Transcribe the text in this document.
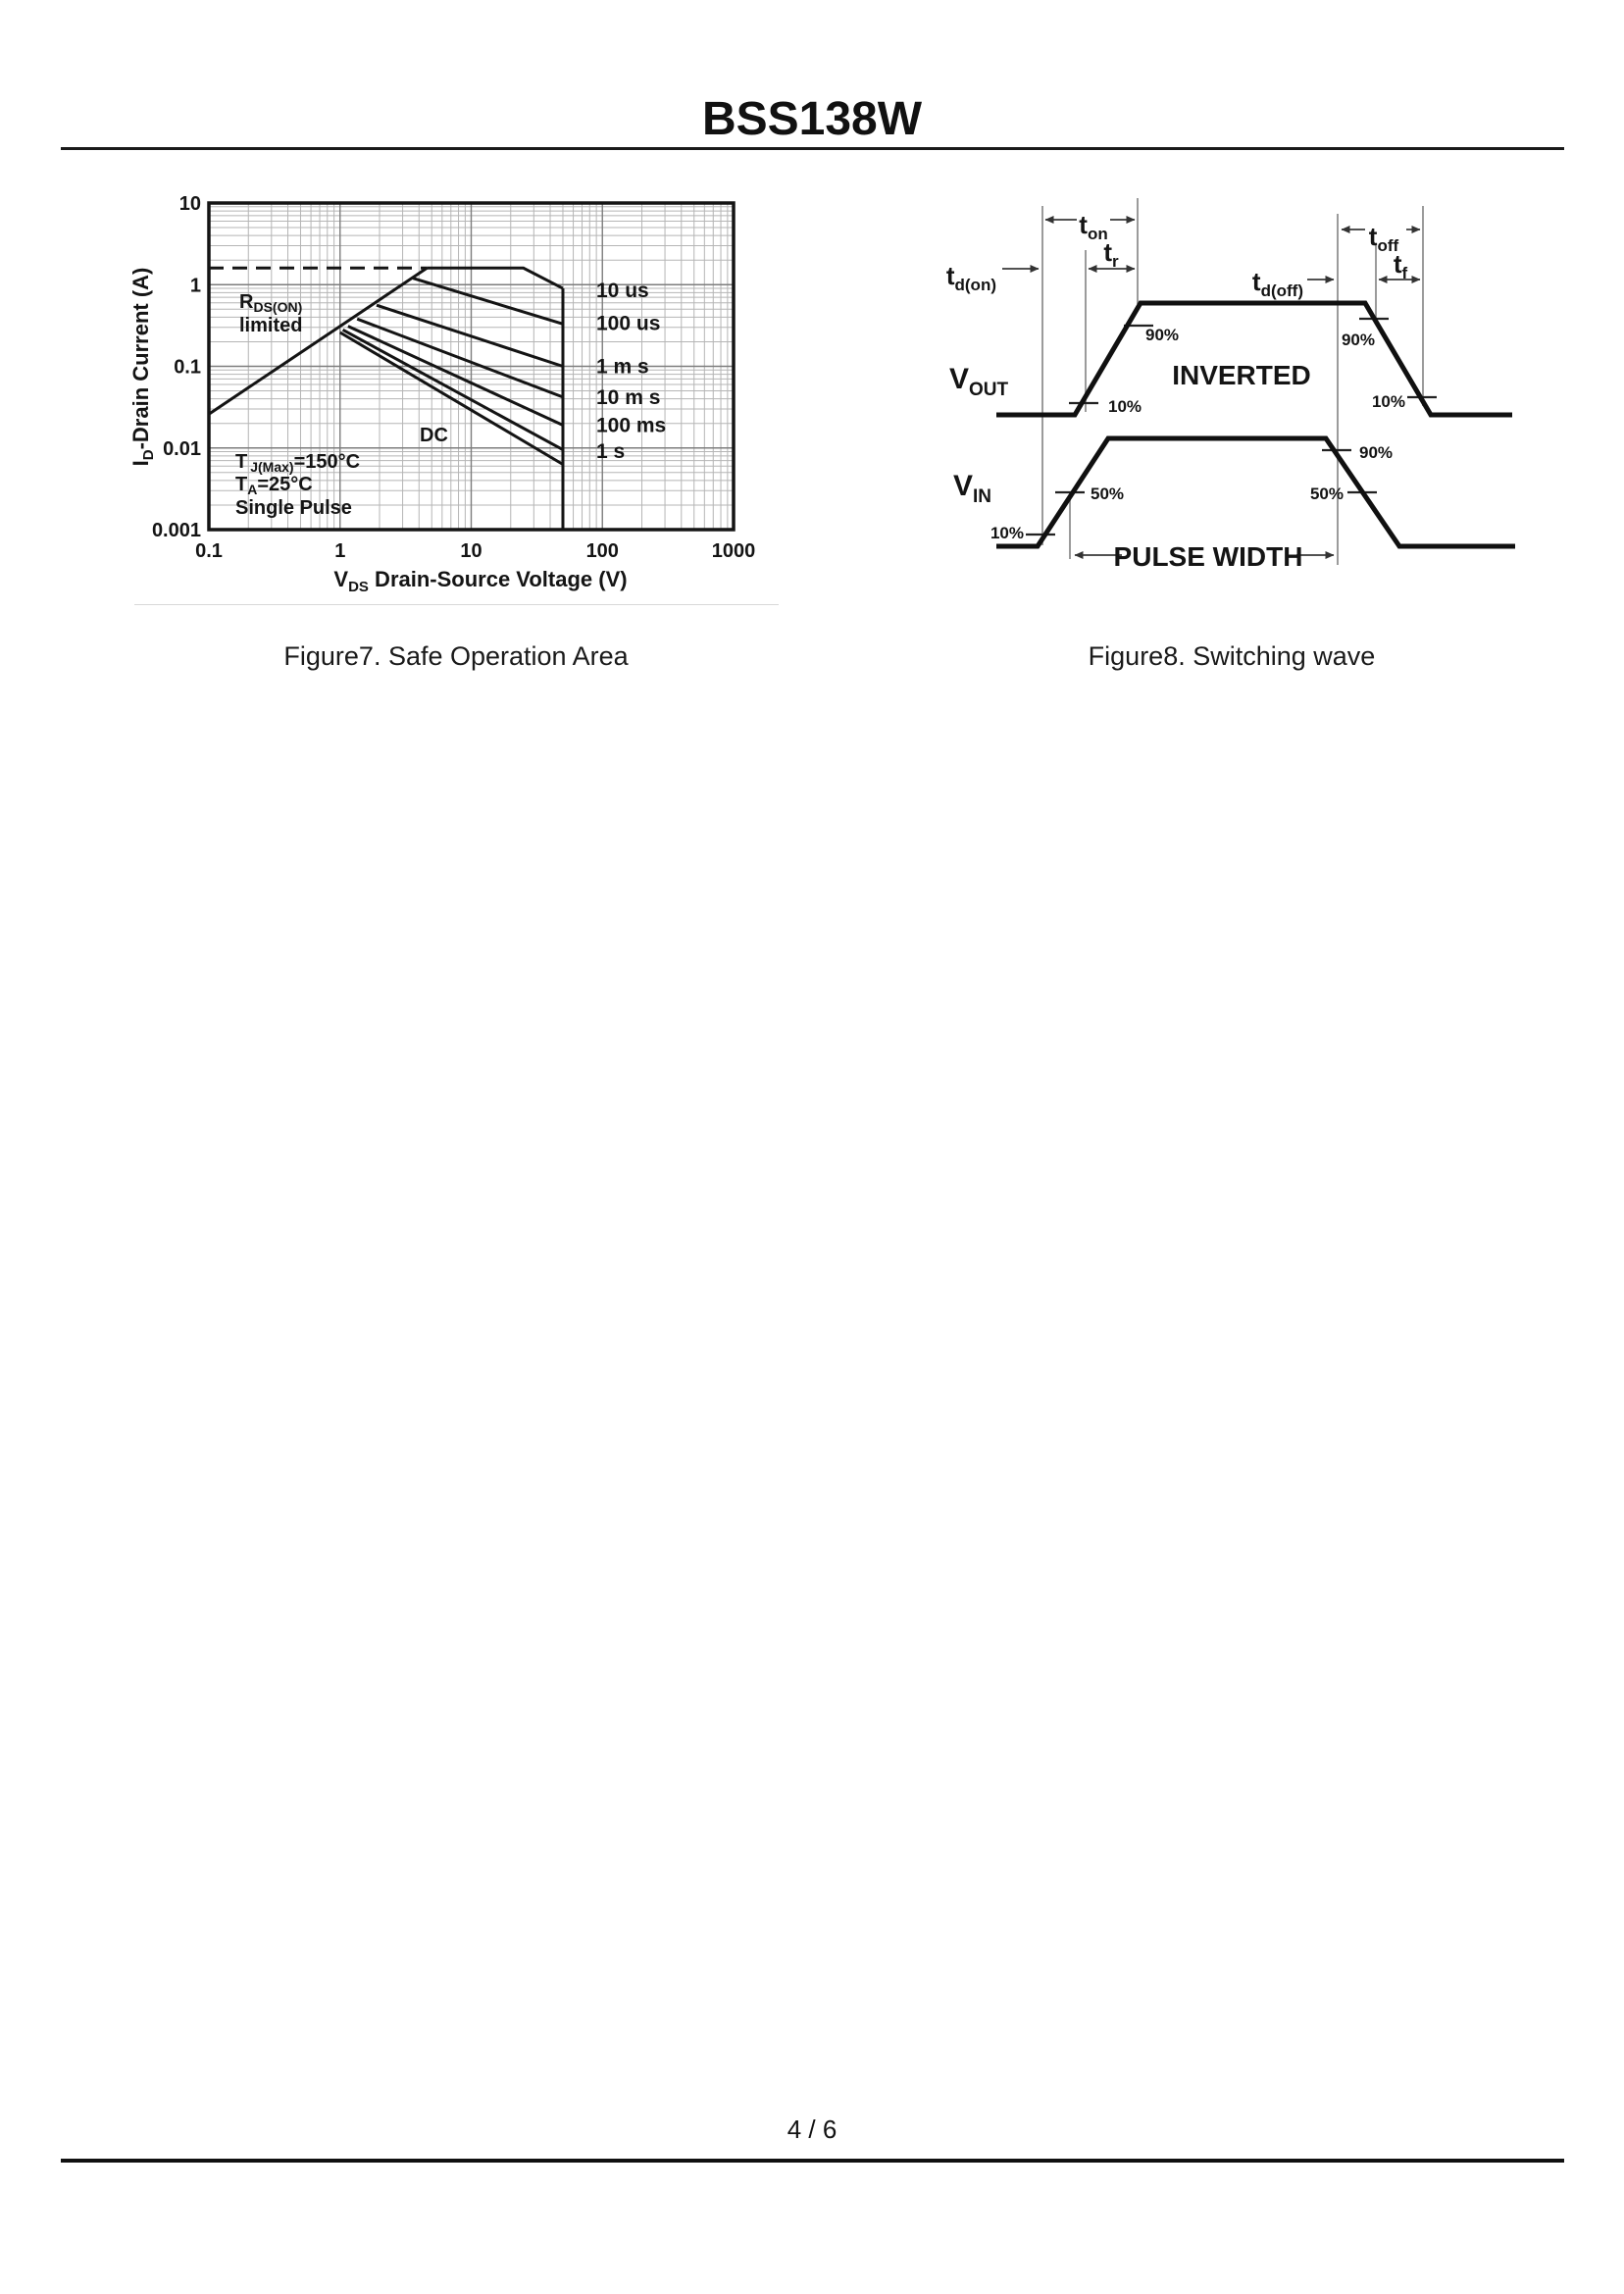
BSS138W
0.1	1	10	100	1000
10
1
0.1
0.01
0.001
10 us
100 us
1 m s
10 m s
100 ms
1 s
$I_D$-Drain Current (A)
$V_{DS}$ Drain-Source Voltage (V)
$R_{DS(ON)}$
limited
DC
T $_{J(Max)}$=150°C
$T_A=25^\circ C$
Single Pulse
$t_{d(on)}$
$t_{on}$
$t_r$
$t_{d(off)}$
$t_{off}$
$t_f$
$V_{OUT}$
$V_{IN}$
INVERTED
PULSE WIDTH
90%
10%
90%
10%
90%
50%
50%
10%
Figure7. Safe Operation Area	Figure8. Switching wave
4 / 6
